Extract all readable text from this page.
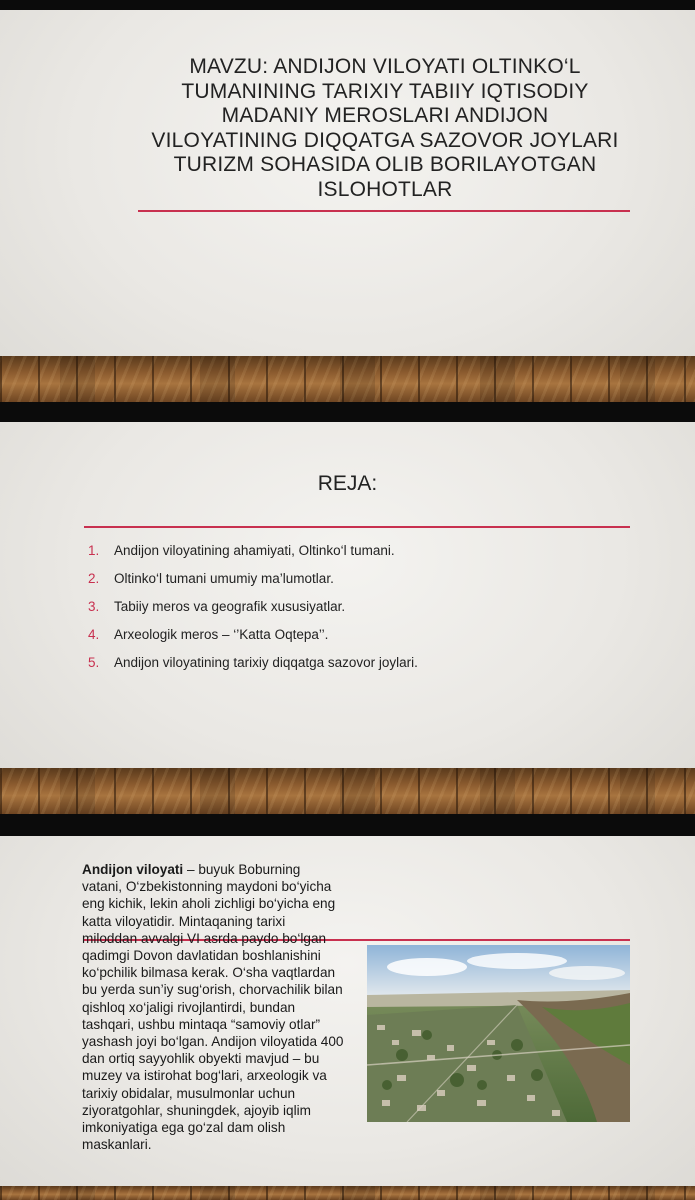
MAVZU: ANDIJON VILOYATI OLTINKO‘L
TUMANINING TARIXIY TABIIY IQTISODIY
MADANIY MEROSLARI ANDIJON
VILOYATINING DIQQATGA SAZOVOR JOYLARI
TURIZM SOHASIDA OLIB BORILAYOTGAN
ISLOHOTLAR
REJA:
1.	Andijon viloyatining ahamiyati, Oltinko‘l tumani.
2.	Oltinko‘l tumani umumiy ma’lumotlar.
3.	Tabiiy meros va geografik xususiyatlar.
4.	Arxeologik meros – ‘’Katta Oqtepa’’.
5.	Andijon viloyatining tarixiy diqqatga sazovor joylari.
Andijon viloyati – buyuk Boburning vatani, O‘zbekistonning maydoni bo‘yicha eng kichik, lekin aholi zichligi bo‘yicha eng katta viloyatidir. Mintaqaning tarixi miloddan avvalgi VI asrda paydo bo‘lgan qadimgi Dovon davlatidan boshlanishini ko‘pchilik bilmasa kerak. O‘sha vaqtlardan bu yerda sun’iy sug‘orish, chorvachilik bilan qishloq xo‘jaligi rivojlantirdi, bundan tashqari, ushbu mintaqa “samoviy otlar” yashash joyi bo‘lgan. Andijon viloyatida 400 dan ortiq sayyohlik obyekti mavjud – bu muzey va istirohat bog‘lari, arxeologik va tarixiy obidalar, musulmonlar uchun ziyoratgohlar, shuningdek, ajoyib iqlim imkoniyatiga ega go‘zal dam olish maskanlari.
